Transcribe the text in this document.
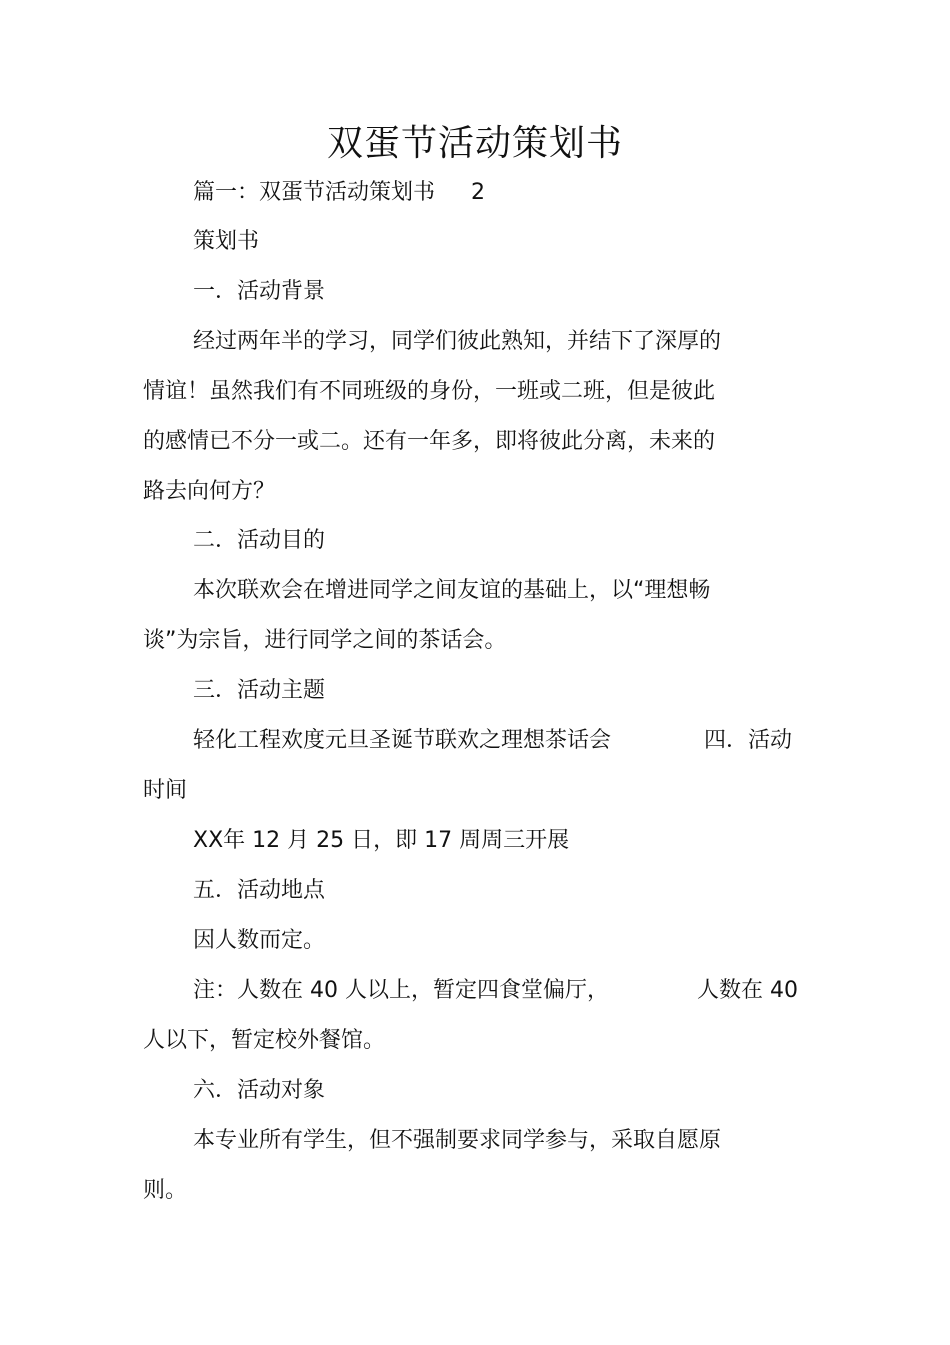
双蛋节活动策划书

篇一：双蛋节活动策划书 2

策划书

一．活动背景

经过两年半的学习，同学们彼此熟知，并结下了深厚的

情谊！虽然我们有不同班级的身份，一班或二班，但是彼此

的感情已不分一或二。还有一年多，即将彼此分离，未来的

路去向何方？

二．活动目的

本次联欢会在增进同学之间友谊的基础上，以“理想畅

谈”为宗旨，进行同学之间的茶话会。

三．活动主题

轻化工程欢度元旦圣诞节联欢之理想茶话会	四．活动

时间

XX年 12 月 25 日，即 17 周周三开展

五．活动地点

因人数而定。

注：人数在 40 人以上，暂定四食堂偏厅，	人数在 40

人以下，暂定校外餐馆。

六．活动对象

本专业所有学生，但不强制要求同学参与，采取自愿原

则。
